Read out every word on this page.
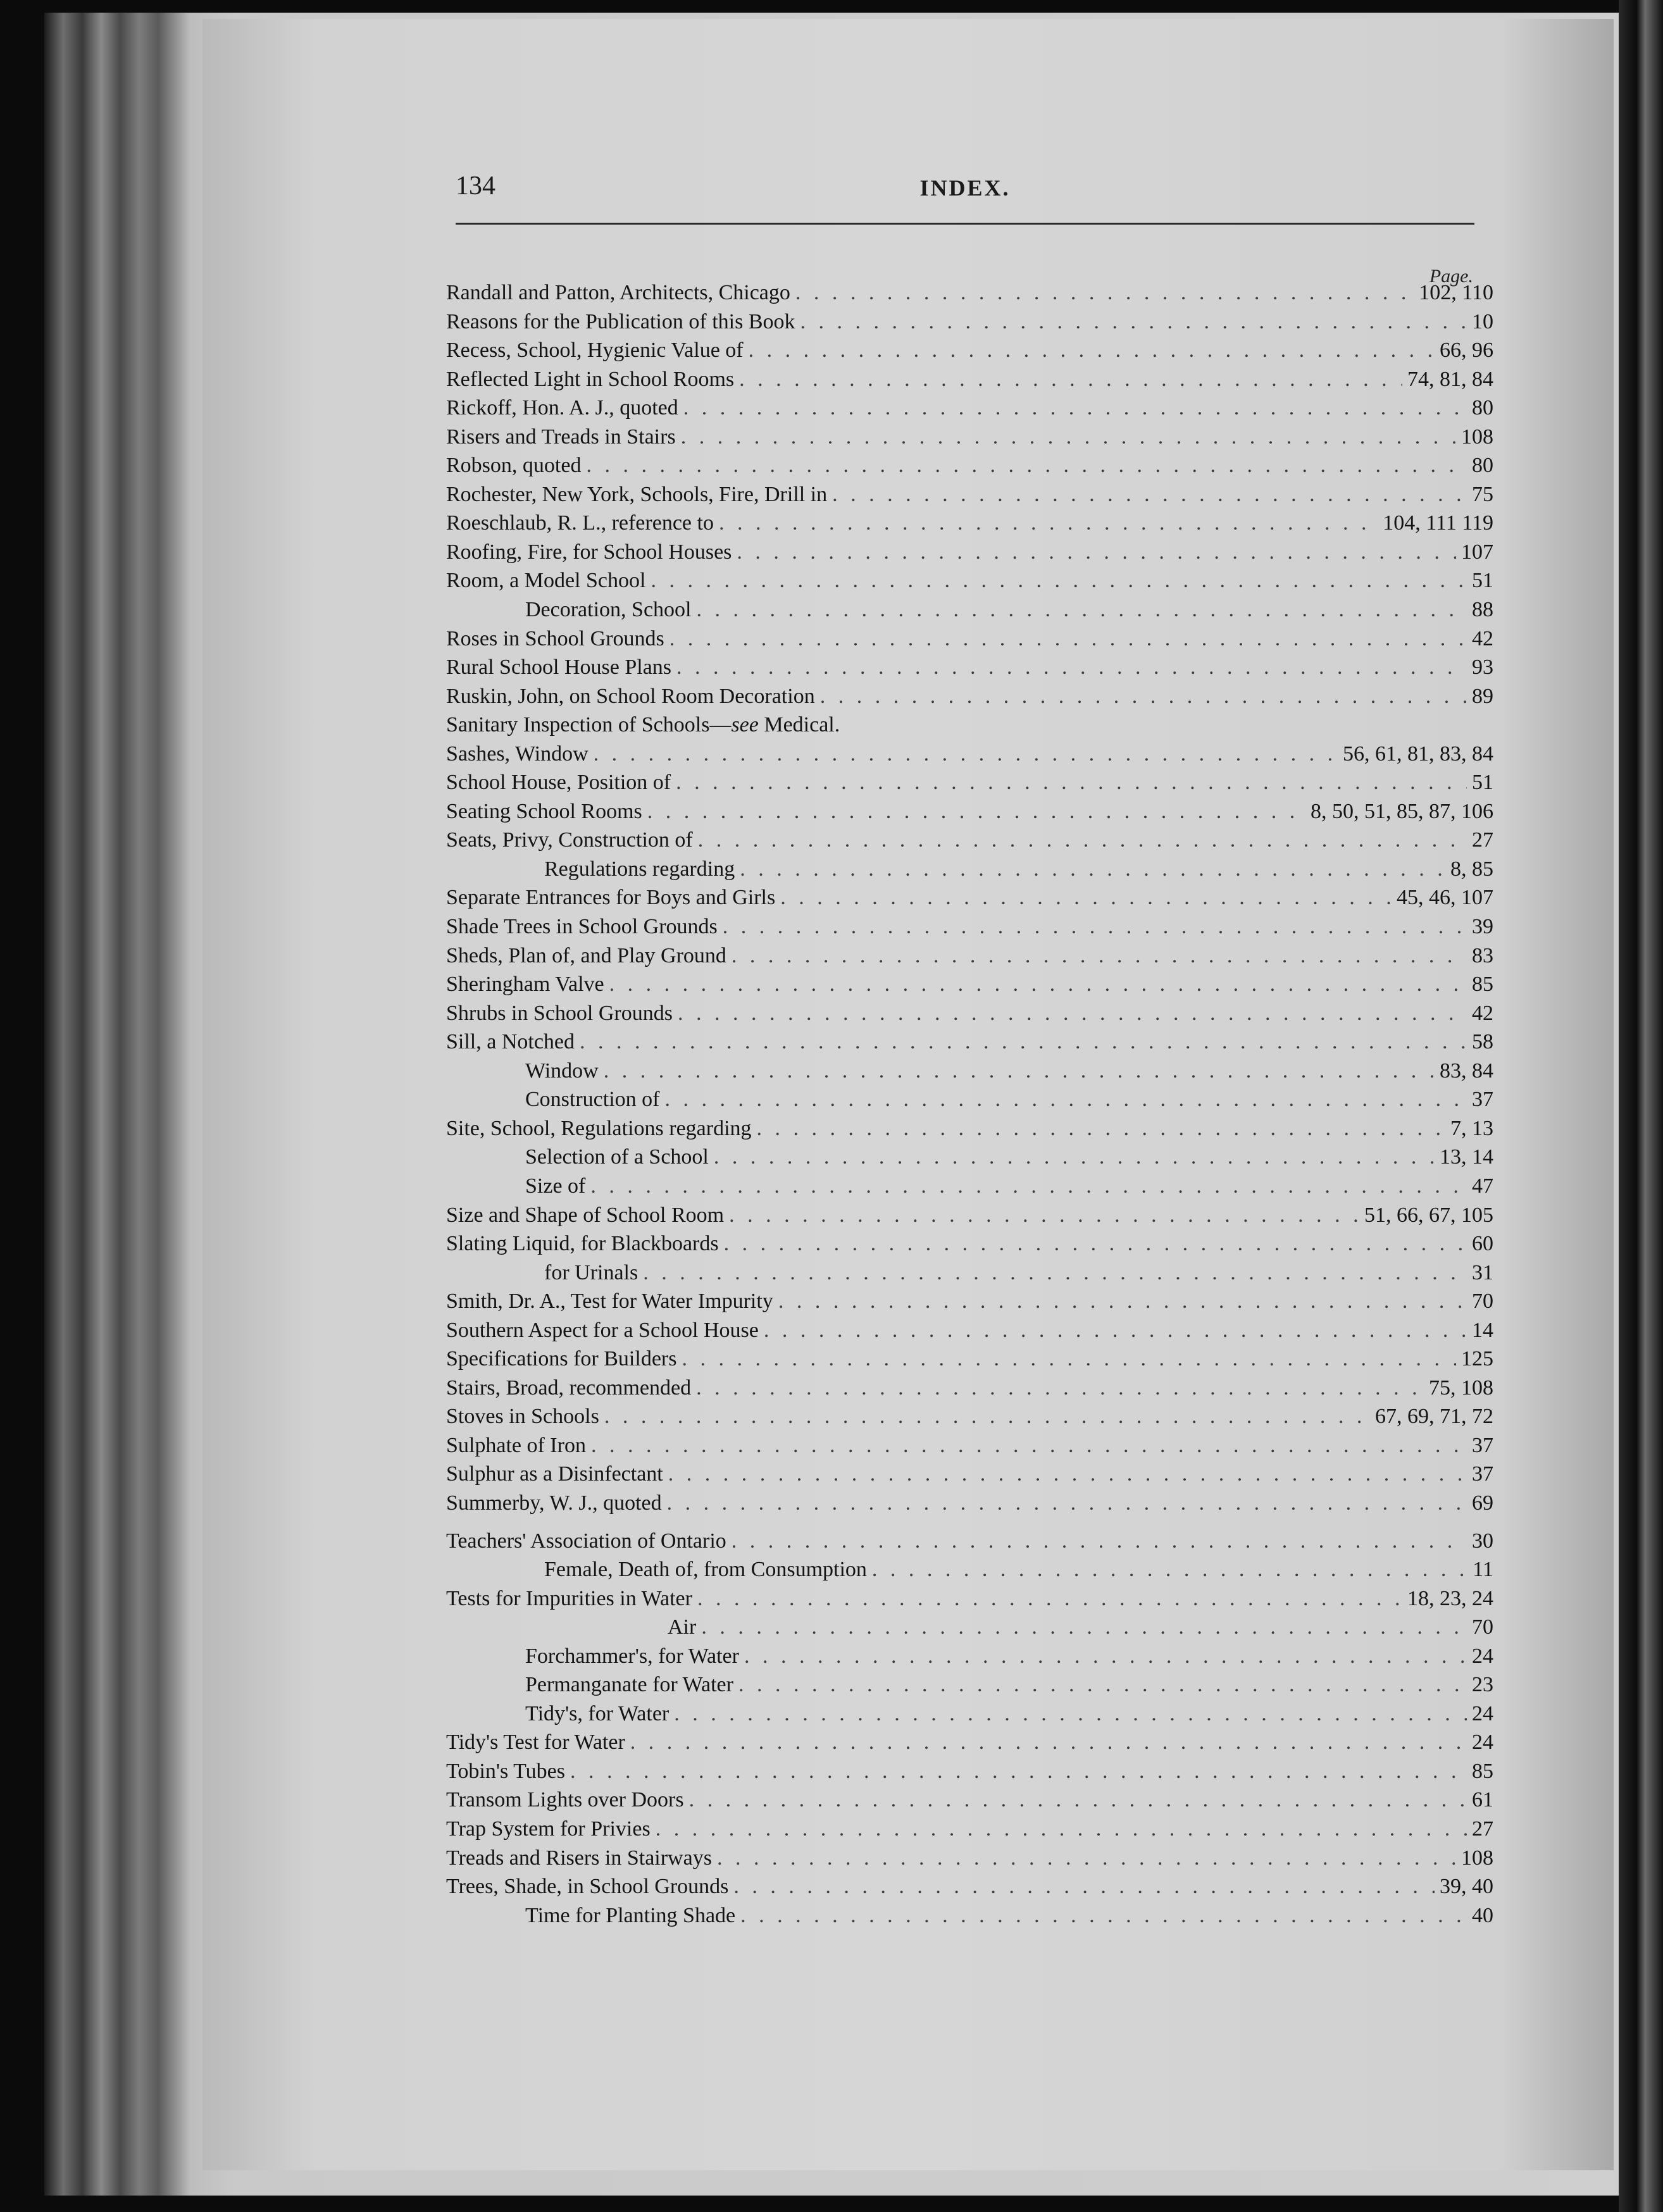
134	INDEX.
Page.
Randall and Patton, Architects, Chicago . . .	102, 110
Reasons for the Publication of this Book . . .	10
Recess, School, Hygienic Value of . . .	66, 96
Reflected Light in School Rooms . . .	74, 81, 84
Rickoff, Hon. A. J., quoted . . .	80
Risers and Treads in Stairs . . .	108
Robson, quoted . . .	80
Rochester, New York, Schools, Fire, Drill in . . .	75
Roeschlaub, R. L., reference to . . .	104, 111 119
Roofing, Fire, for School Houses . . .	107
Room, a Model School . . .	51
Decoration, School . . .	88
Roses in School Grounds . . .	42
Rural School House Plans . . .	93
Ruskin, John, on School Room Decoration . . .	89
Sanitary Inspection of Schools—see Medical.
Sashes, Window . . .	56, 61, 81, 83, 84
School House, Position of . . .	51
Seating School Rooms . . .	8, 50, 51, 85, 87, 106
Seats, Privy, Construction of . . .	27
Regulations regarding . . .	8, 85
Separate Entrances for Boys and Girls . . .	45, 46, 107
Shade Trees in School Grounds . . .	39
Sheds, Plan of, and Play Ground . . .	83
Sheringham Valve . . .	85
Shrubs in School Grounds . . .	42
Sill, a Notched . . .	58
Window . . .	83, 84
Construction of . . .	37
Site, School, Regulations regarding . . .	7, 13
Selection of a School . . .	13, 14
Size of . . .	47
Size and Shape of School Room . . .	51, 66, 67, 105
Slating Liquid, for Blackboards . . .	60
for Urinals . . .	31
Smith, Dr. A., Test for Water Impurity . . .	70
Southern Aspect for a School House . . .	14
Specifications for Builders . . .	125
Stairs, Broad, recommended . . .	75, 108
Stoves in Schools . . .	67, 69, 71, 72
Sulphate of Iron . . .	37
Sulphur as a Disinfectant . . .	37
Summerby, W. J., quoted . . .	69
Teachers' Association of Ontario . . .	30
Female, Death of, from Consumption . . .	11
Tests for Impurities in Water . . .	18, 23, 24
Air . . .	70
Forchammer's, for Water . . .	24
Permanganate for Water . . .	23
Tidy's, for Water . . .	24
Tidy's Test for Water . . .	24
Tobin's Tubes . . .	85
Transom Lights over Doors . . .	61
Trap System for Privies . . .	27
Treads and Risers in Stairways . . .	108
Trees, Shade, in School Grounds . . .	39, 40
Time for Planting Shade . . .	40
